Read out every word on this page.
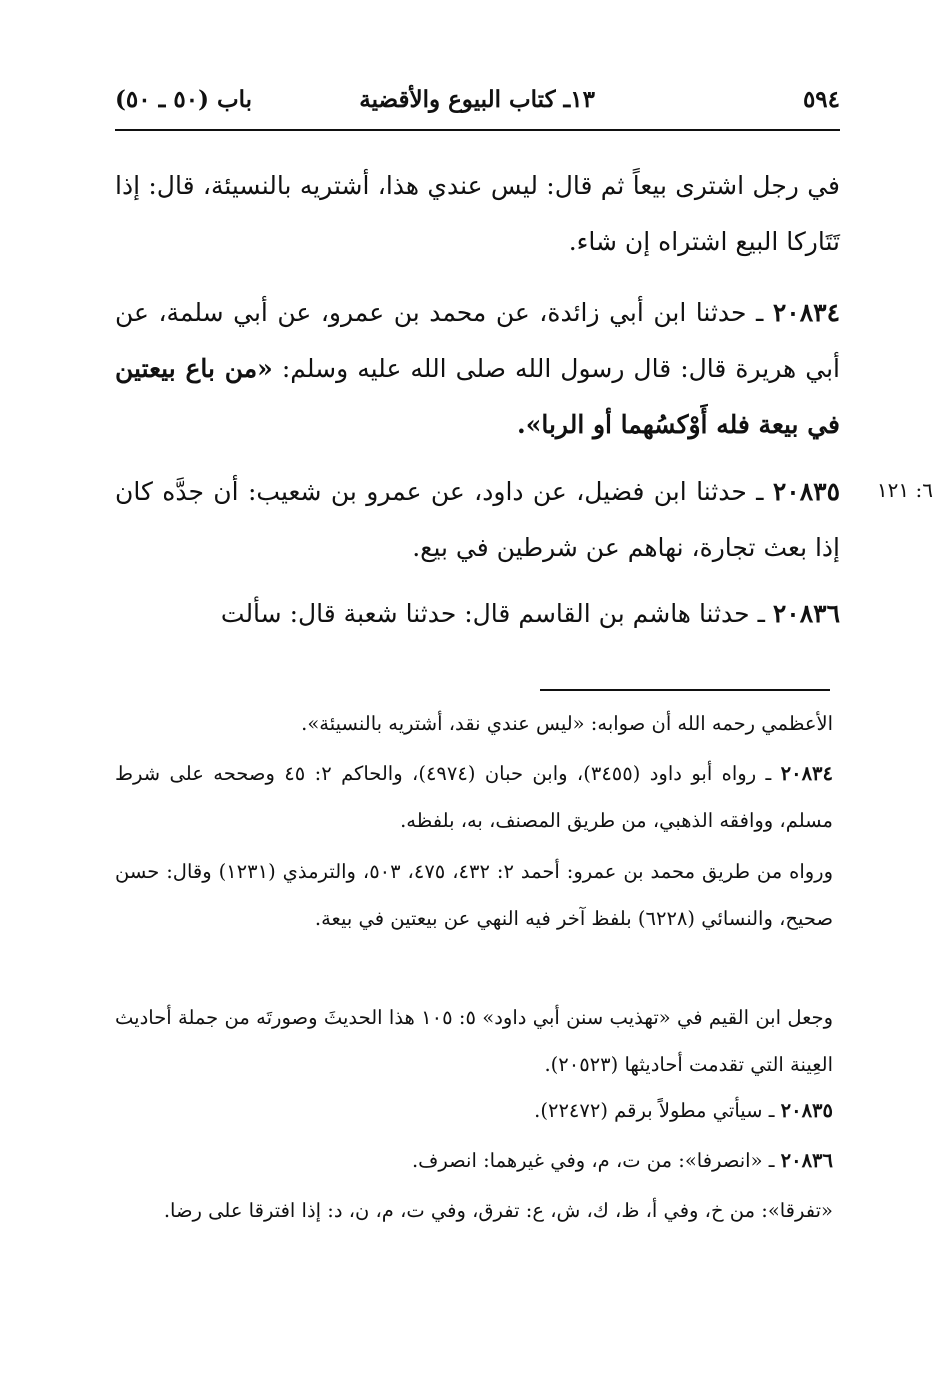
٥٩٤
١٣ـ كتاب البيوع والأقضية
باب (٥٠ ـ ٥٠)
في رجل اشترى بيعاً ثم قال: ليس عندي هذا، أشتريه بالنسيئة، قال: إذا تَتَاركا البيع اشتراه إن شاء.
٢٠٨٣٤ ـ حدثنا ابن أبي زائدة، عن محمد بن عمرو، عن أبي سلمة، عن أبي هريرة قال: قال رسول الله صلى الله عليه وسلم: «من باع بيعتين في بيعة فله أَوْكسُهما أو الربا».
٦: ١٢١
٢٠٨٣٥ ـ حدثنا ابن فضيل، عن داود، عن عمرو بن شعيب: أن جدَّه كان إذا بعث تجارة، نهاهم عن شرطين في بيع.
٢٠٨٣٦ ـ حدثنا هاشم بن القاسم قال: حدثنا شعبة قال: سألت
الأعظمي رحمه الله أن صوابه: «ليس عندي نقد، أشتريه بالنسيئة».
٢٠٨٣٤ ـ رواه أبو داود (٣٤٥٥)، وابن حبان (٤٩٧٤)، والحاكم ٢: ٤٥ وصححه على شرط مسلم، ووافقه الذهبي، من طريق المصنف، به، بلفظه.
ورواه من طريق محمد بن عمرو: أحمد ٢: ٤٣٢، ٤٧٥، ٥٠٣، والترمذي (١٢٣١) وقال: حسن صحيح، والنسائي (٦٢٢٨) بلفظ آخر فيه النهي عن بيعتين في بيعة.
وجعل ابن القيم في «تهذيب سنن أبي داود» ٥: ١٠٥ هذا الحديثَ وصورتَه من جملة أحاديث العِينة التي تقدمت أحاديثها (٢٠٥٢٣).
٢٠٨٣٥ ـ سيأتي مطولاً برقم (٢٢٤٧٢).
٢٠٨٣٦ ـ «انصرفا»: من ت، م، وفي غيرهما: انصرف.
«تفرقا»: من خ، وفي أ، ظ، ك، ش، ع: تفرق، وفي ت، م، ن، د: إذا افترقا على رضا.
